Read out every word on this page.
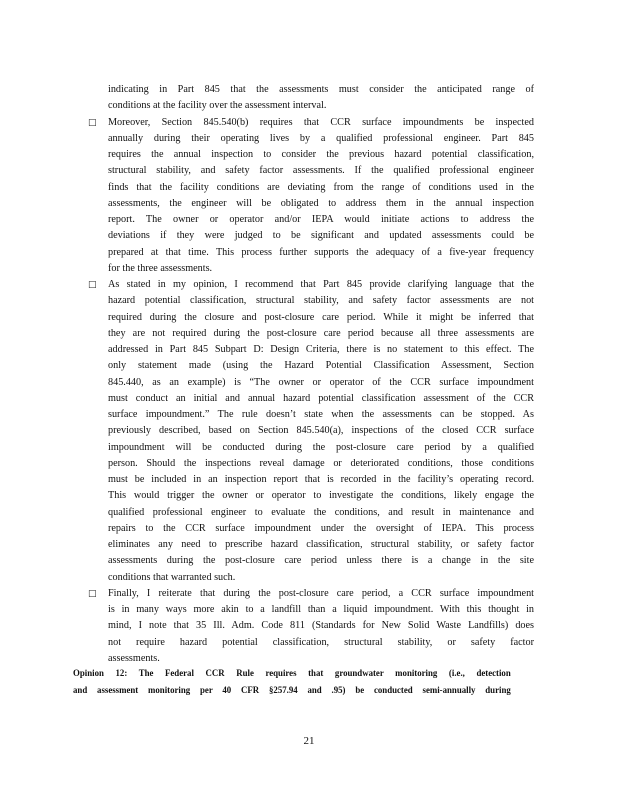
indicating in Part 845 that the assessments must consider the anticipated range of
conditions at the facility over the assessment interval.
□	Moreover, Section 845.540(b) requires that CCR surface impoundments be inspected
annually during their operating lives by a qualified professional engineer. Part 845
requires the annual inspection to consider the previous hazard potential classification,
structural stability, and safety factor assessments. If the qualified professional engineer
finds that the facility conditions are deviating from the range of conditions used in the
assessments, the engineer will be obligated to address them in the annual inspection
report. The owner or operator and/or IEPA would initiate actions to address the
deviations if they were judged to be significant and updated assessments could be
prepared at that time. This process further supports the adequacy of a five-year frequency
for the three assessments.
□	As stated in my opinion, I recommend that Part 845 provide clarifying language that the
hazard potential classification, structural stability, and safety factor assessments are not
required during the closure and post-closure care period. While it might be inferred that
they are not required during the post-closure care period because all three assessments are
addressed in Part 845 Subpart D: Design Criteria, there is no statement to this effect. The
only statement made (using the Hazard Potential Classification Assessment, Section
845.440, as an example) is “The owner or operator of the CCR surface impoundment
must conduct an initial and annual hazard potential classification assessment of the CCR
surface impoundment.” The rule doesn’t state when the assessments can be stopped. As
previously described, based on Section 845.540(a), inspections of the closed CCR surface
impoundment will be conducted during the post-closure care period by a qualified
person. Should the inspections reveal damage or deteriorated conditions, those conditions
must be included in an inspection report that is recorded in the facility’s operating record.
This would trigger the owner or operator to investigate the conditions, likely engage the
qualified professional engineer to evaluate the conditions, and result in maintenance and
repairs to the CCR surface impoundment under the oversight of IEPA. This process
eliminates any need to prescribe hazard classification, structural stability, or safety factor
assessments during the post-closure care period unless there is a change in the site
conditions that warranted such.
□	Finally, I reiterate that during the post-closure care period, a CCR surface impoundment
is in many ways more akin to a landfill than a liquid impoundment. With this thought in
mind, I note that 35 Ill. Adm. Code 811 (Standards for New Solid Waste Landfills) does
not require hazard potential classification, structural stability, or safety factor
assessments.
Opinion 12: The Federal CCR Rule requires that groundwater monitoring (i.e., detection
and assessment monitoring per 40 CFR §257.94 and .95) be conducted semi-annually during
21
